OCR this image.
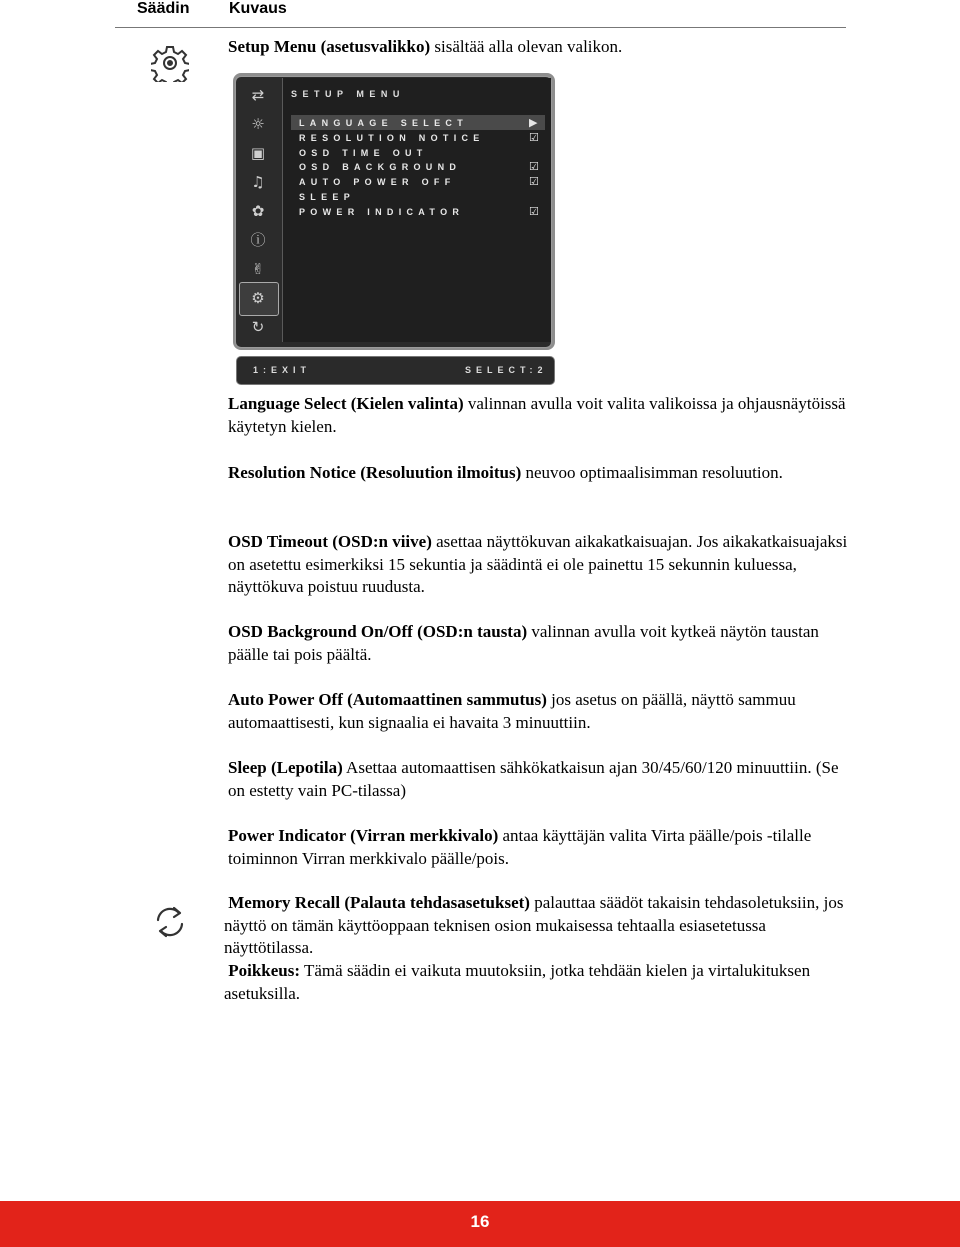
Säädin Kuvaus
Setup Menu (asetusvalikko) sisältää alla olevan valikon.
⇄
☼
▣
♫
✿
ⓘ
✌
⚙
↻
SETUP MENU
LANGUAGE SELECT
RESOLUTION NOTICE
OSD TIME OUT
OSD BACKGROUND
AUTO POWER OFF
SLEEP
POWER INDICATOR
▶
☑
☑
☑
☑
1:EXIT	SELECT:2
Language Select (Kielen valinta) valinnan avulla voit valita valikoissa ja ohjausnäytöissä käytetyn kielen.
Resolution Notice (Resoluution ilmoitus) neuvoo optimaalisimman resoluution.
OSD Timeout (OSD:n viive) asettaa näyttökuvan aikakatkaisuajan. Jos aikakatkaisuajaksi on asetettu esimerkiksi 15 sekuntia ja säädintä ei ole painettu 15 sekunnin kuluessa, näyttökuva poistuu ruudusta.
OSD Background On/Off (OSD:n tausta) valinnan avulla voit kytkeä näytön taustan päälle tai pois päältä.
Auto Power Off (Automaattinen sammutus) jos asetus on päällä, näyttö sammuu automaattisesti, kun signaalia ei havaita 3 minuuttiin.
Sleep (Lepotila) Asettaa automaattisen sähkökatkaisun ajan 30/45/60/120 minuuttiin. (Se on estetty vain PC-tilassa)
Power Indicator (Virran merkkivalo) antaa käyttäjän valita Virta päälle/pois -tilalle toiminnon Virran merkkivalo päälle/pois.
Memory Recall (Palauta tehdasasetukset) palauttaa säädöt takaisin tehdasoletuksiin, jos näyttö on tämän käyttöoppaan teknisen osion mukaisessa tehtaalla esiasetetussa näyttötilassa.
Poikkeus: Tämä säädin ei vaikuta muutoksiin, jotka tehdään kielen ja virtalukituksen asetuksilla.
16
